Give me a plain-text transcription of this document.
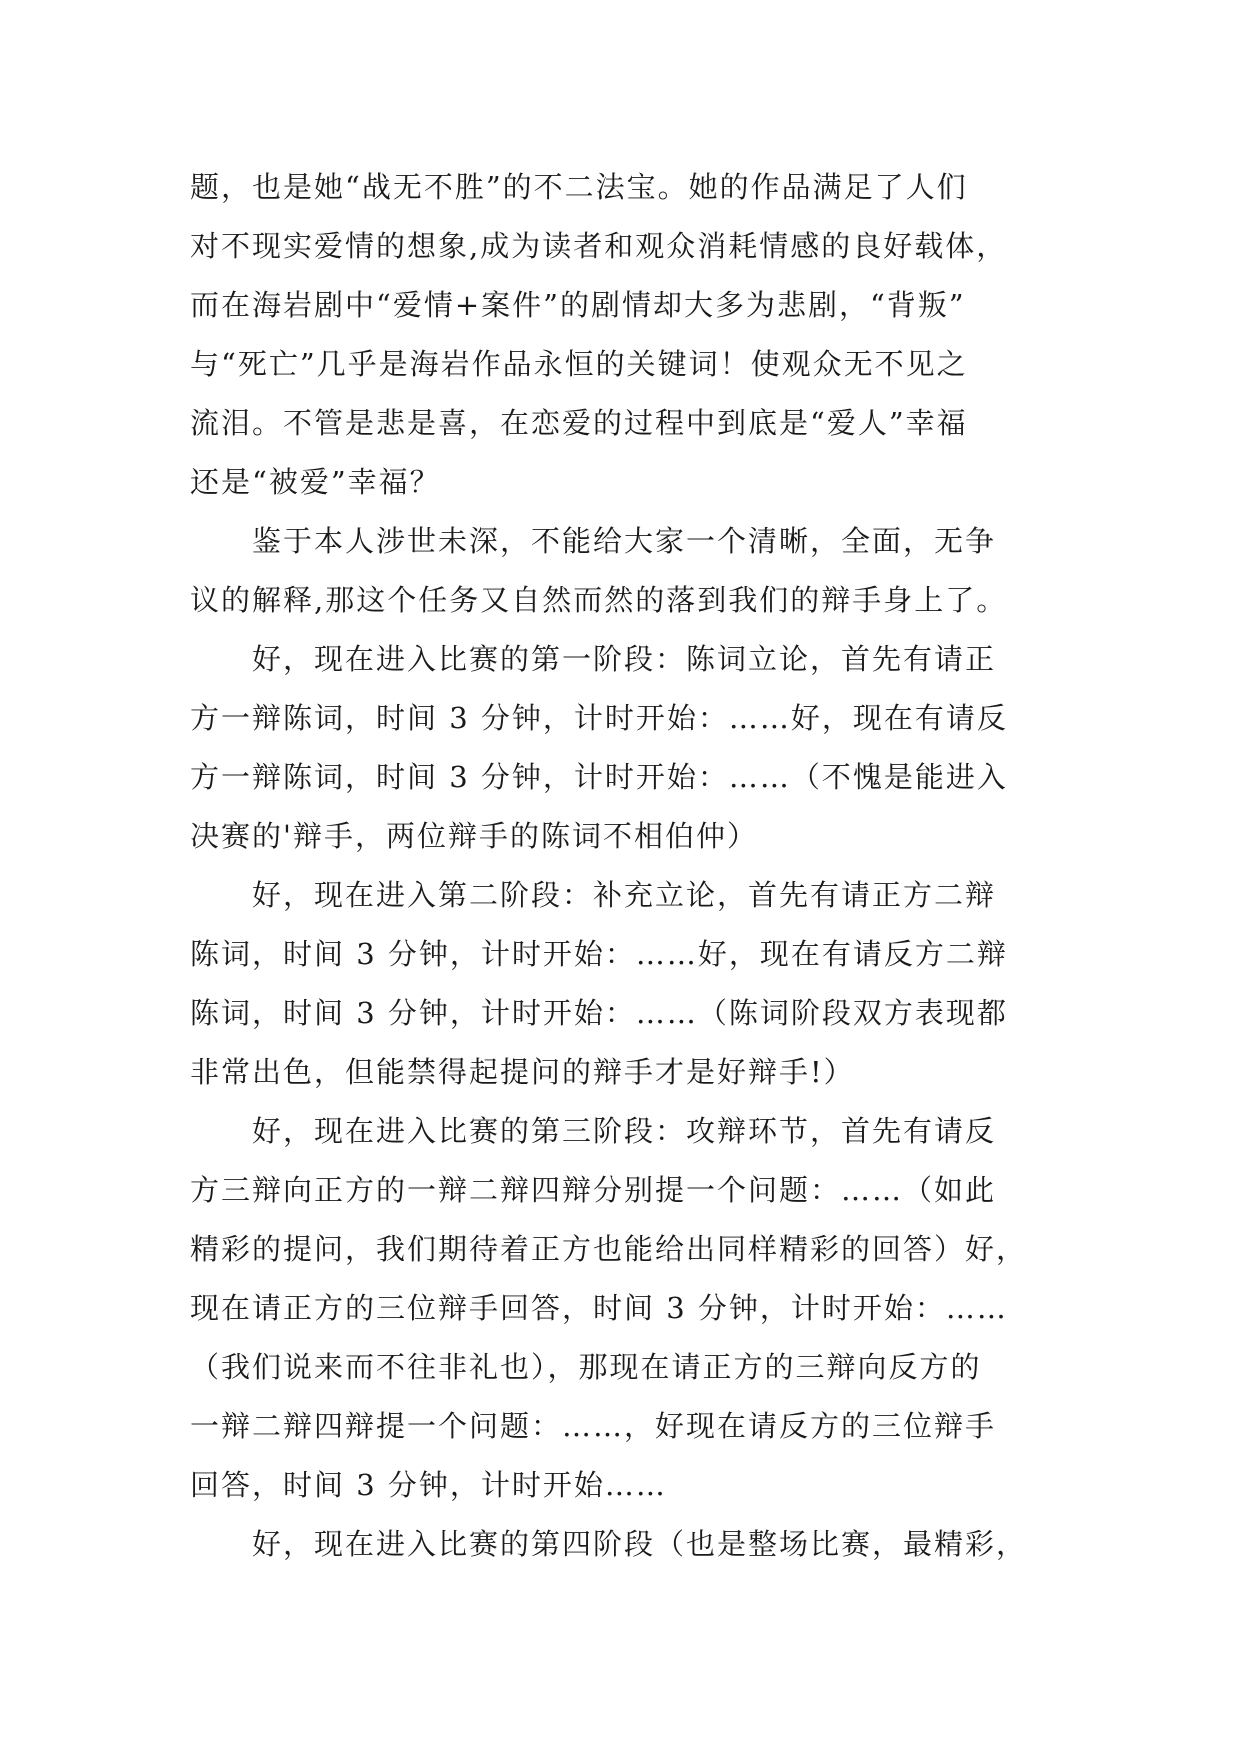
题，也是她“战无不胜”的不二法宝。她的作品满足了人们
对不现实爱情的想象,成为读者和观众消耗情感的良好载体，
而在海岩剧中“爱情+案件”的剧情却大多为悲剧，“背叛”
与“死亡”几乎是海岩作品永恒的关键词！使观众无不见之
流泪。不管是悲是喜，在恋爱的过程中到底是“爱人”幸福
还是“被爱”幸福？
鉴于本人涉世未深，不能给大家一个清晰，全面，无争
议的解释,那这个任务又自然而然的落到我们的辩手身上了。
好，现在进入比赛的第一阶段：陈词立论，首先有请正
方一辩陈词，时间 3 分钟，计时开始：……好，现在有请反
方一辩陈词，时间 3 分钟，计时开始：……（不愧是能进入
决赛的'辩手，两位辩手的陈词不相伯仲）
好，现在进入第二阶段：补充立论，首先有请正方二辩
陈词，时间 3 分钟，计时开始：……好，现在有请反方二辩
陈词，时间 3 分钟，计时开始：……（陈词阶段双方表现都
非常出色，但能禁得起提问的辩手才是好辩手!）
好，现在进入比赛的第三阶段：攻辩环节，首先有请反
方三辩向正方的一辩二辩四辩分别提一个问题：……（如此
精彩的提问，我们期待着正方也能给出同样精彩的回答）好，
现在请正方的三位辩手回答，时间 3 分钟，计时开始：……
（我们说来而不往非礼也），那现在请正方的三辩向反方的
一辩二辩四辩提一个问题：……，好现在请反方的三位辩手
回答，时间 3 分钟，计时开始……
好，现在进入比赛的第四阶段（也是整场比赛，最精彩，
